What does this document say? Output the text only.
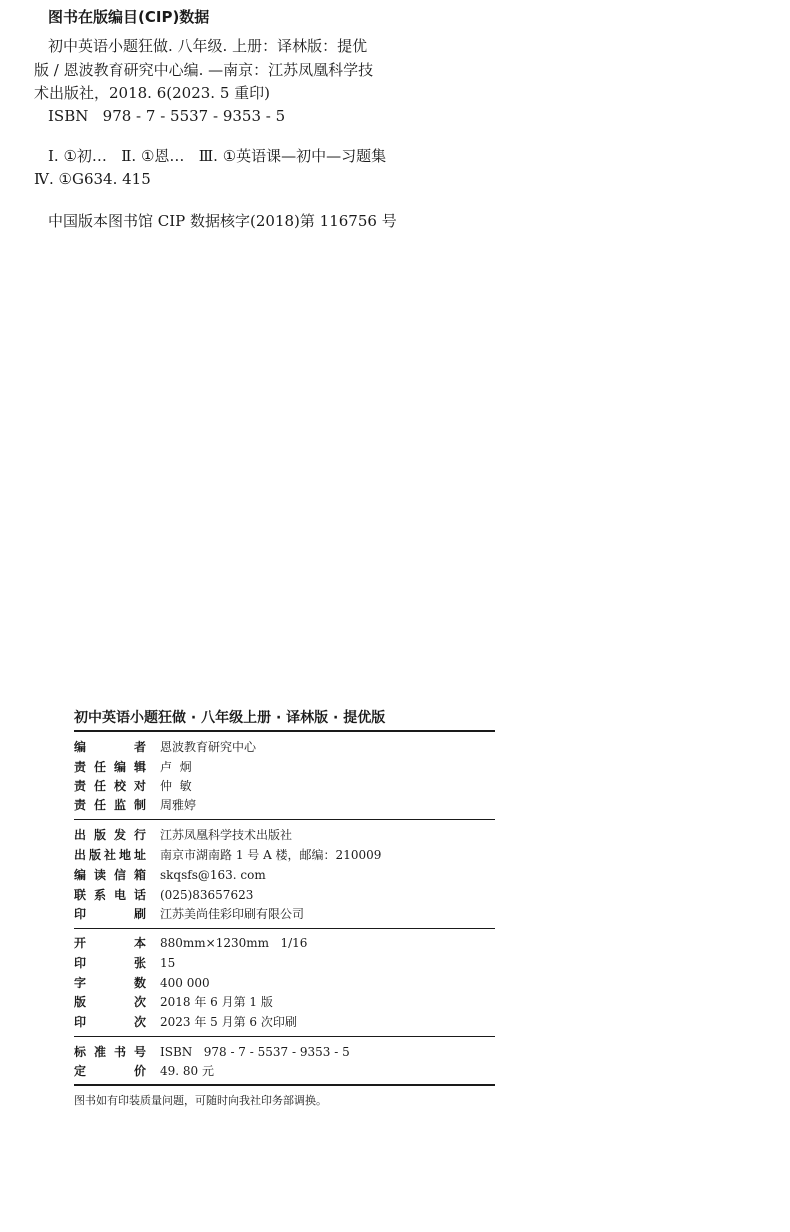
图书在版编目(CIP)数据
初中英语小题狂做. 八年级. 上册：译林版：提优
版 / 恩波教育研究中心编. —南京：江苏凤凰科学技
术出版社，2018. 6(2023. 5 重印)
ISBN   978 - 7 - 5537 - 9353 - 5
Ⅰ. ①初…   Ⅱ. ①恩…   Ⅲ. ①英语课—初中—习题集
Ⅳ. ①G634. 415
中国版本图书馆 CIP 数据核字(2018)第 116756 号
初中英语小题狂做 · 八年级上册 · 译林版 · 提优版
编者 恩波教育研究中心
责任编辑 卢  炯
责任校对 仲  敏
责任监制 周雅婷
出版发行 江苏凤凰科学技术出版社
出版社地址 南京市湖南路 1 号 A 楼，邮编：210009
编读信箱 skqsfs@163. com
联系电话 (025)83657623
印刷 江苏美尚佳彩印刷有限公司
开本 880mm×1230mm   1/16
印张 15
字数 400 000
版次 2018 年 6 月第 1 版
印次 2023 年 5 月第 6 次印刷
标准书号 ISBN   978 - 7 - 5537 - 9353 - 5
定价 49. 80 元
图书如有印装质量问题，可随时向我社印务部调换。
